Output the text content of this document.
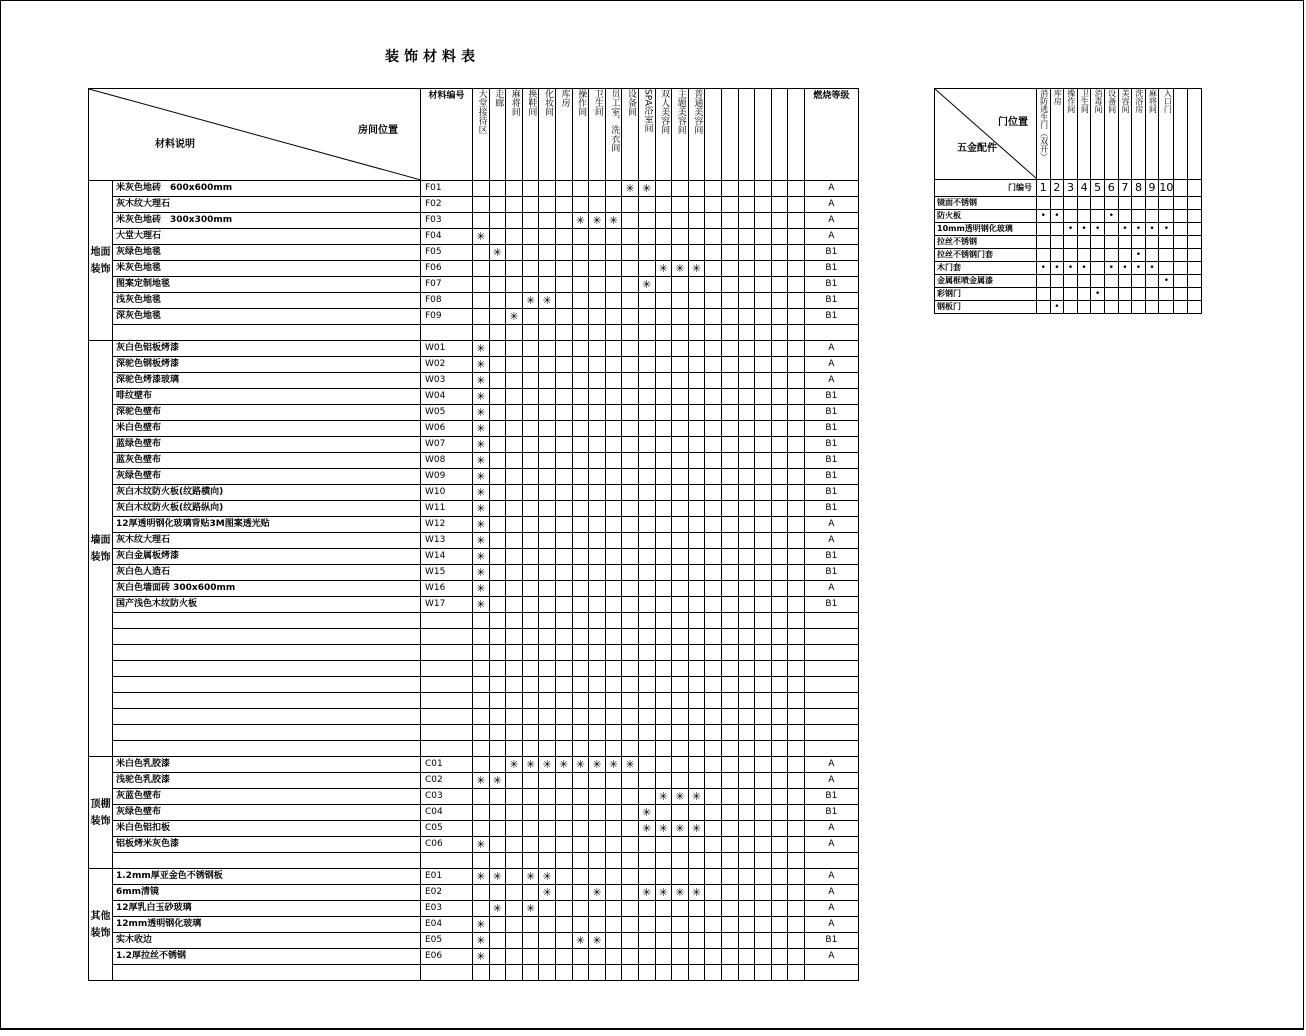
装饰材料表
房间位置
材料说明		材料编号	大堂接待区	走廊	麻将间	换鞋间	化妆间	库房	操作间	卫生间	员工室、洗衣间	设备间	SPA浴室间	双人美容间	主题美容间	普通美容间							燃烧等级
地面装饰	米灰色地砖　600x600mm	F01										✳	✳										A
	灰木纹大理石	F02																					A
	米灰色地砖　300x300mm	F03							✳	✳	✳												A
	大堂大理石	F04	✳																				A
	灰绿色地毯	F05		✳																			B1
	米灰色地毯	F06												✳	✳	✳							B1
	图案定制地毯	F07											✳										B1
	浅灰色地毯	F08				✳	✳																B1
	深灰色地毯	F09			✳																		B1

墙面装饰	灰白色铝板烤漆	W01	✳																				A
	深驼色钢板烤漆	W02	✳																				A
	深驼色烤漆玻璃	W03	✳																				A
	啡纹壁布	W04	✳																				B1
	深驼色壁布	W05	✳																				B1
	米白色壁布	W06	✳																				B1
	蓝绿色壁布	W07	✳																				B1
	蓝灰色壁布	W08	✳																				B1
	灰绿色壁布	W09	✳																				B1
	灰白木纹防火板(纹路横向)	W10	✳																				B1
	灰白木纹防火板(纹路纵向)	W11	✳																				B1
	12厚透明钢化玻璃背贴3M图案透光贴	W12	✳																				A
	灰木纹大理石	W13	✳																				A
	灰白金属板烤漆	W14	✳																				B1
	灰白色人造石	W15	✳																				B1
	灰白色墙面砖 300x600mm	W16	✳																				A
	国产浅色木纹防火板	W17	✳																				B1

顶棚装饰	米白色乳胶漆	C01			✳	✳	✳	✳	✳	✳	✳	✳											A
	浅驼色乳胶漆	C02	✳	✳																			A
	灰蓝色壁布	C03												✳	✳	✳							B1
	灰绿色壁布	C04											✳										B1
	米白色铝扣板	C05											✳	✳	✳	✳							A
	铝板烤米灰色漆	C06	✳																				A

其他装饰	1.2mm厚亚金色不锈钢板	E01	✳	✳		✳	✳																A
	6mm清镜	E02					✳			✳			✳	✳	✳	✳							A
	12厚乳白玉砂玻璃	E03		✳		✳																	A
	12mm透明钢化玻璃	E04	✳																				A
	实木收边	E05	✳						✳	✳													B1
	1.2厚拉丝不锈钢	E06	✳																				A

门位置
五金配件	消防逃生门（双开）	库房	操作间	卫生间	消毒间	设备间	美容间	洗浴房	麻将间	入口门		
门编号	1	2	3	4	5	6	7	8	9	10		
镜面不锈钢												
防火板	•	•				•						
10mm透明钢化玻璃			•	•	•		•	•	•	•		
拉丝不锈钢												
拉丝不锈钢门套								•				
木门套	•	•	•	•		•	•	•	•			
金属框喷金属漆										•		
彩钢门					•							
钢板门		•										
